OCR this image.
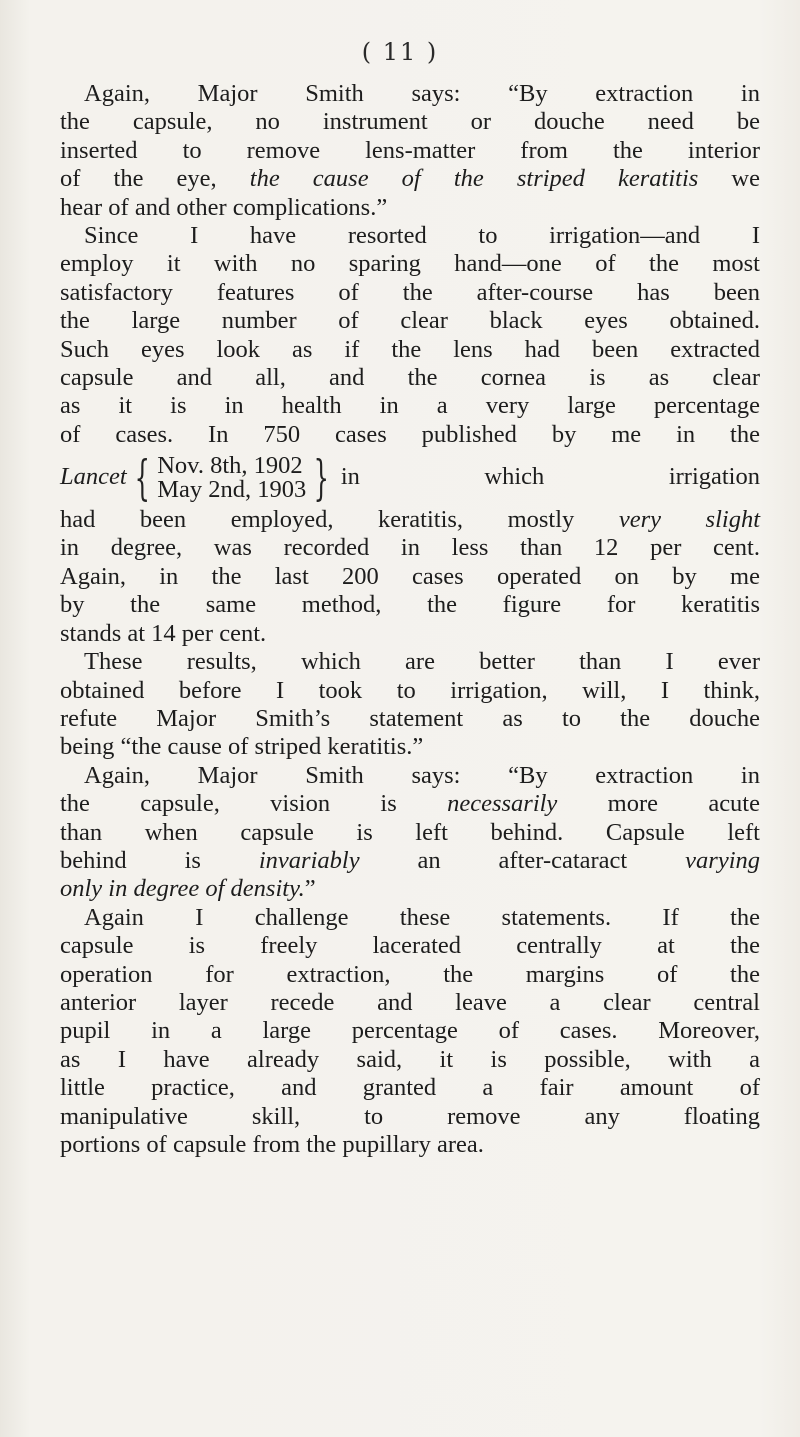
( 11 )

Again, Major Smith says: “By extraction in
the capsule, no instrument or douche need be
inserted to remove lens-matter from the interior
of the eye, the cause of the striped keratitis we
hear of and other complications.”

Since I have resorted to irrigation—and I
employ it with no sparing hand—one of the most
satisfactory features of the after-course has been
the large number of clear black eyes obtained.
Such eyes look as if the lens had been extracted
capsule and all, and the cornea is as clear
as it is in health in a very large percentage
of cases. In 750 cases published by me in the
Lancet { Nov. 8th, 1902
May 2nd, 1903 } in which irrigation
had been employed, keratitis, mostly very slight
in degree, was recorded in less than 12 per cent.
Again, in the last 200 cases operated on by me
by the same method, the figure for keratitis
stands at 14 per cent.

These results, which are better than I ever
obtained before I took to irrigation, will, I think,
refute Major Smith’s statement as to the douche
being “the cause of striped keratitis.”

Again, Major Smith says: “By extraction in
the capsule, vision is necessarily more acute
than when capsule is left behind. Capsule left
behind is invariably an after-cataract varying
only in degree of density.”

Again I challenge these statements. If the
capsule is freely lacerated centrally at the
operation for extraction, the margins of the
anterior layer recede and leave a clear central
pupil in a large percentage of cases. Moreover,
as I have already said, it is possible, with a
little practice, and granted a fair amount of
manipulative skill, to remove any floating
portions of capsule from the pupillary area.
